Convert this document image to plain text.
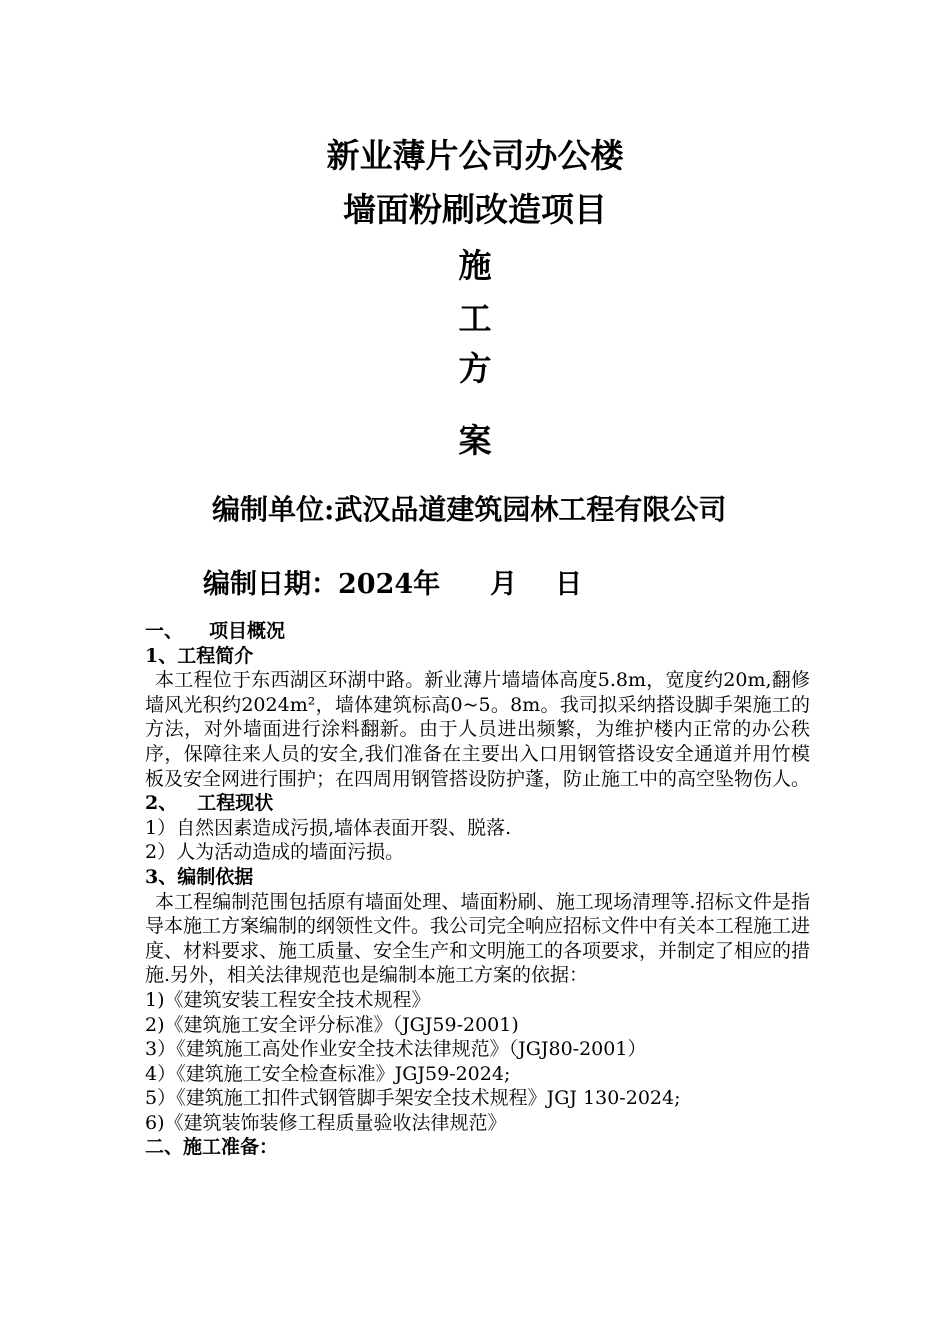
新业薄片公司办公楼
墙面粉刷改造项目
施
工
方
案
编制单位:武汉品道建筑园林工程有限公司
编制日期：2024年 月 日

一、 项目概况

1、工程简介

本工程位于东西湖区环湖中路。新业薄片墙墙体高度5.8m，宽度约20m,翻修墙风光积约2024m²，墙体建筑标高0~5。8m。我司拟采纳搭设脚手架施工的方法，对外墙面进行涂料翻新。由于人员进出频繁，为维护楼内正常的办公秩序，保障往来人员的安全,我们准备在主要出入口用钢管搭设安全通道并用竹模板及安全网进行围护；在四周用钢管搭设防护蓬，防止施工中的高空坠物伤人。

2、 工程现状

1）自然因素造成污损,墙体表面开裂、脱落.

2）人为活动造成的墙面污损。

3、编制依据

本工程编制范围包括原有墙面处理、墙面粉刷、施工现场清理等.招标文件是指导本施工方案编制的纲领性文件。我公司完全响应招标文件中有关本工程施工进度、材料要求、施工质量、安全生产和文明施工的各项要求，并制定了相应的措施.另外，相关法律规范也是编制本施工方案的依据：

1)《建筑安装工程安全技术规程》

2)《建筑施工安全评分标准》（JGJ59-2001)

3）《建筑施工高处作业安全技术法律规范》（JGJ80-2001）

4）《建筑施工安全检查标准》JGJ59-2024;

5）《建筑施工扣件式钢管脚手架安全技术规程》JGJ 130-2024;

6)《建筑装饰装修工程质量验收法律规范》

二、施工准备：
